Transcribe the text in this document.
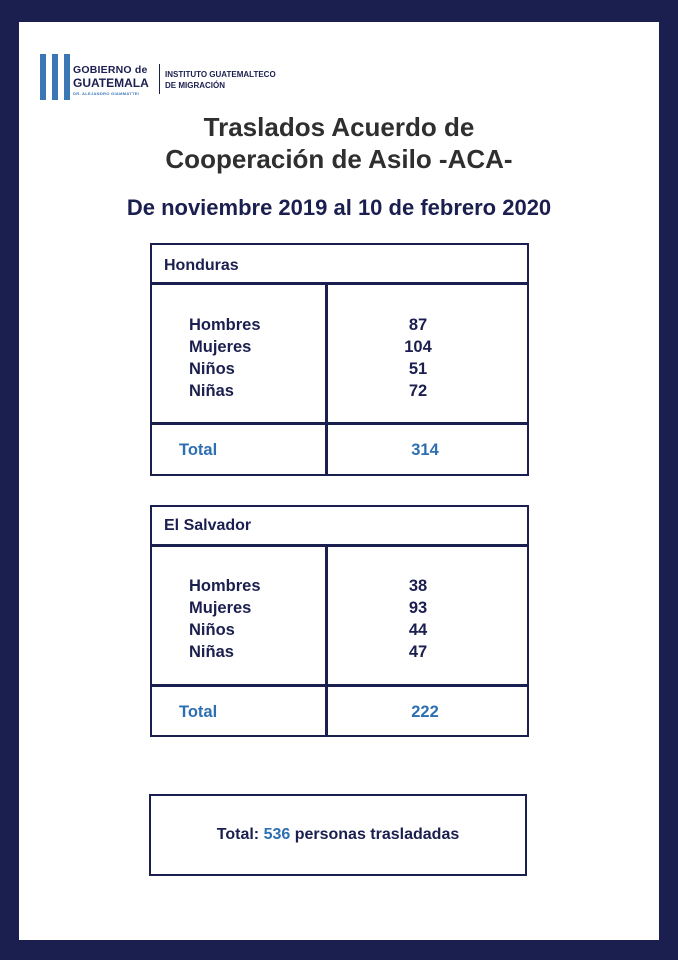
GOBIERNO de
GUATEMALA
DR. ALEJANDRO GIAMMATTEI
INSTITUTO GUATEMALTECO
DE MIGRACIÓN
Traslados Acuerdo de
Cooperación de Asilo -ACA-
De noviembre 2019 al 10 de febrero 2020
Honduras
Hombres	87
Mujeres	104
Niños	51
Niñas	72
Total	314
El Salvador
Hombres	38
Mujeres	93
Niños	44
Niñas	47
Total	222
Total: 536 personas trasladadas
